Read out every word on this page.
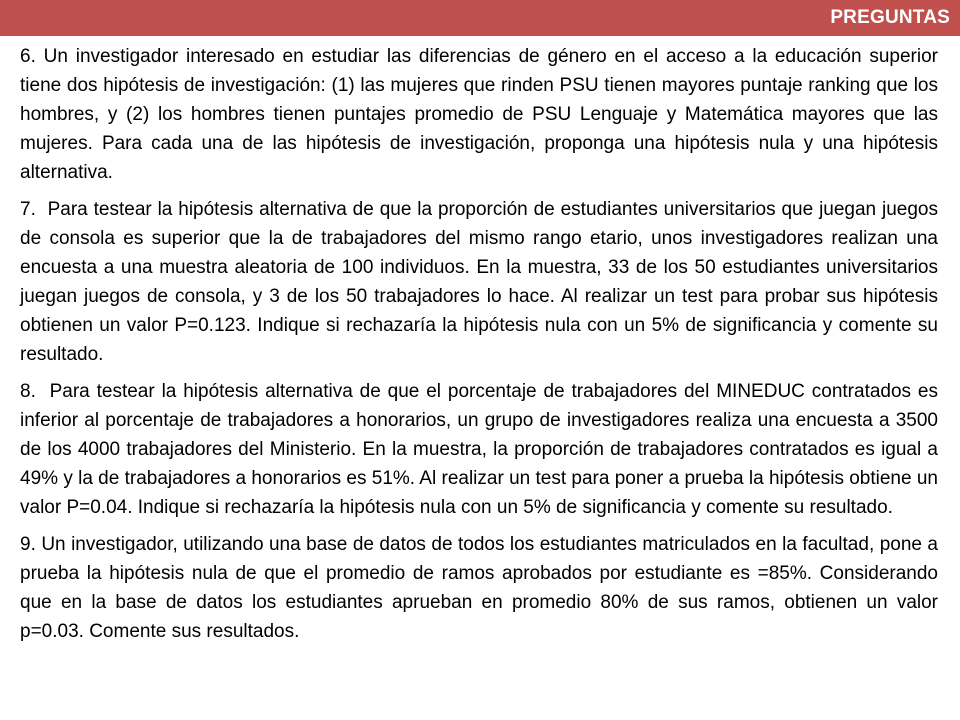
PREGUNTAS

6. Un investigador interesado en estudiar las diferencias de género en el acceso a la educación superior tiene dos hipótesis de investigación: (1) las mujeres que rinden PSU tienen mayores puntaje ranking que los hombres, y (2) los hombres tienen puntajes promedio de PSU Lenguaje y Matemática mayores que las mujeres. Para cada una de las hipótesis de investigación, proponga una hipótesis nula y una hipótesis alternativa.

7.  Para testear la hipótesis alternativa de que la proporción de estudiantes universitarios que juegan juegos de consola es superior que la de trabajadores del mismo rango etario, unos investigadores realizan una encuesta a una muestra aleatoria de 100 individuos. En la muestra, 33 de los 50 estudiantes universitarios juegan juegos de consola, y 3 de los 50 trabajadores lo hace. Al realizar un test para probar sus hipótesis obtienen un valor P=0.123. Indique si rechazaría la hipótesis nula con un 5% de significancia y comente su resultado.

8.  Para testear la hipótesis alternativa de que el porcentaje de trabajadores del MINEDUC contratados es inferior al porcentaje de trabajadores a honorarios, un grupo de investigadores realiza una encuesta a 3500 de los 4000 trabajadores del Ministerio. En la muestra, la proporción de trabajadores contratados es igual a 49% y la de trabajadores a honorarios es 51%. Al realizar un test para poner a prueba la hipótesis obtiene un valor P=0.04. Indique si rechazaría la hipótesis nula con un 5% de significancia y comente su resultado.

9. Un investigador, utilizando una base de datos de todos los estudiantes matriculados en la facultad, pone a prueba la hipótesis nula de que el promedio de ramos aprobados por estudiante es =85%. Considerando que en la base de datos los estudiantes aprueban en promedio 80% de sus ramos, obtienen un valor p=0.03. Comente sus resultados.
